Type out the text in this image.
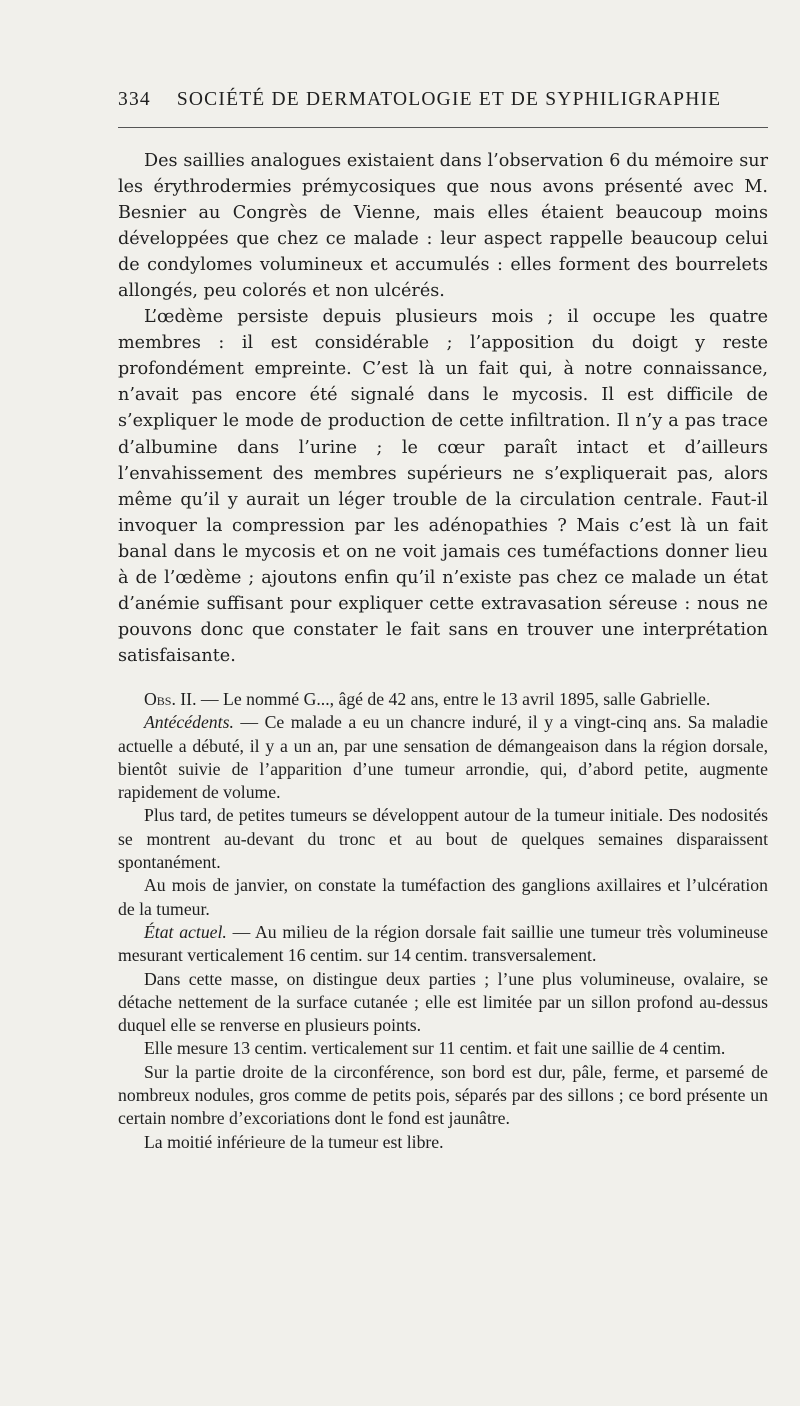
334 SOCIÉTÉ DE DERMATOLOGIE ET DE SYPHILIGRAPHIE

Des saillies analogues existaient dans l’observation 6 du mémoire sur les érythrodermies prémycosiques que nous avons présenté avec M. Besnier au Congrès de Vienne, mais elles étaient beaucoup moins développées que chez ce malade : leur aspect rappelle beaucoup celui de condylomes volumineux et accumulés : elles forment des bourrelets allongés, peu colorés et non ulcérés.

L’œdème persiste depuis plusieurs mois ; il occupe les quatre membres : il est considérable ; l’apposition du doigt y reste profondément empreinte. C’est là un fait qui, à notre connaissance, n’avait pas encore été signalé dans le mycosis. Il est difficile de s’expliquer le mode de production de cette infiltration. Il n’y a pas trace d’albumine dans l’urine ; le cœur paraît intact et d’ailleurs l’envahissement des membres supérieurs ne s’expliquerait pas, alors même qu’il y aurait un léger trouble de la circulation centrale. Faut-il invoquer la compression par les adénopathies ? Mais c’est là un fait banal dans le mycosis et on ne voit jamais ces tuméfactions donner lieu à de l’œdème ; ajoutons enfin qu’il n’existe pas chez ce malade un état d’anémie suffisant pour expliquer cette extravasation séreuse : nous ne pouvons donc que constater le fait sans en trouver une interprétation satisfaisante.

Obs. II. — Le nommé G..., âgé de 42 ans, entre le 13 avril 1895, salle Gabrielle.

Antécédents. — Ce malade a eu un chancre induré, il y a vingt-cinq ans. Sa maladie actuelle a débuté, il y a un an, par une sensation de démangeaison dans la région dorsale, bientôt suivie de l’apparition d’une tumeur arrondie, qui, d’abord petite, augmente rapidement de volume.

Plus tard, de petites tumeurs se développent autour de la tumeur initiale. Des nodosités se montrent au-devant du tronc et au bout de quelques semaines disparaissent spontanément.

Au mois de janvier, on constate la tuméfaction des ganglions axillaires et l’ulcération de la tumeur.

État actuel. — Au milieu de la région dorsale fait saillie une tumeur très volumineuse mesurant verticalement 16 centim. sur 14 centim. transversalement.

Dans cette masse, on distingue deux parties ; l’une plus volumineuse, ovalaire, se détache nettement de la surface cutanée ; elle est limitée par un sillon profond au-dessus duquel elle se renverse en plusieurs points.

Elle mesure 13 centim. verticalement sur 11 centim. et fait une saillie de 4 centim.

Sur la partie droite de la circonférence, son bord est dur, pâle, ferme, et parsemé de nombreux nodules, gros comme de petits pois, séparés par des sillons ; ce bord présente un certain nombre d’excoriations dont le fond est jaunâtre.

La moitié inférieure de la tumeur est libre.
